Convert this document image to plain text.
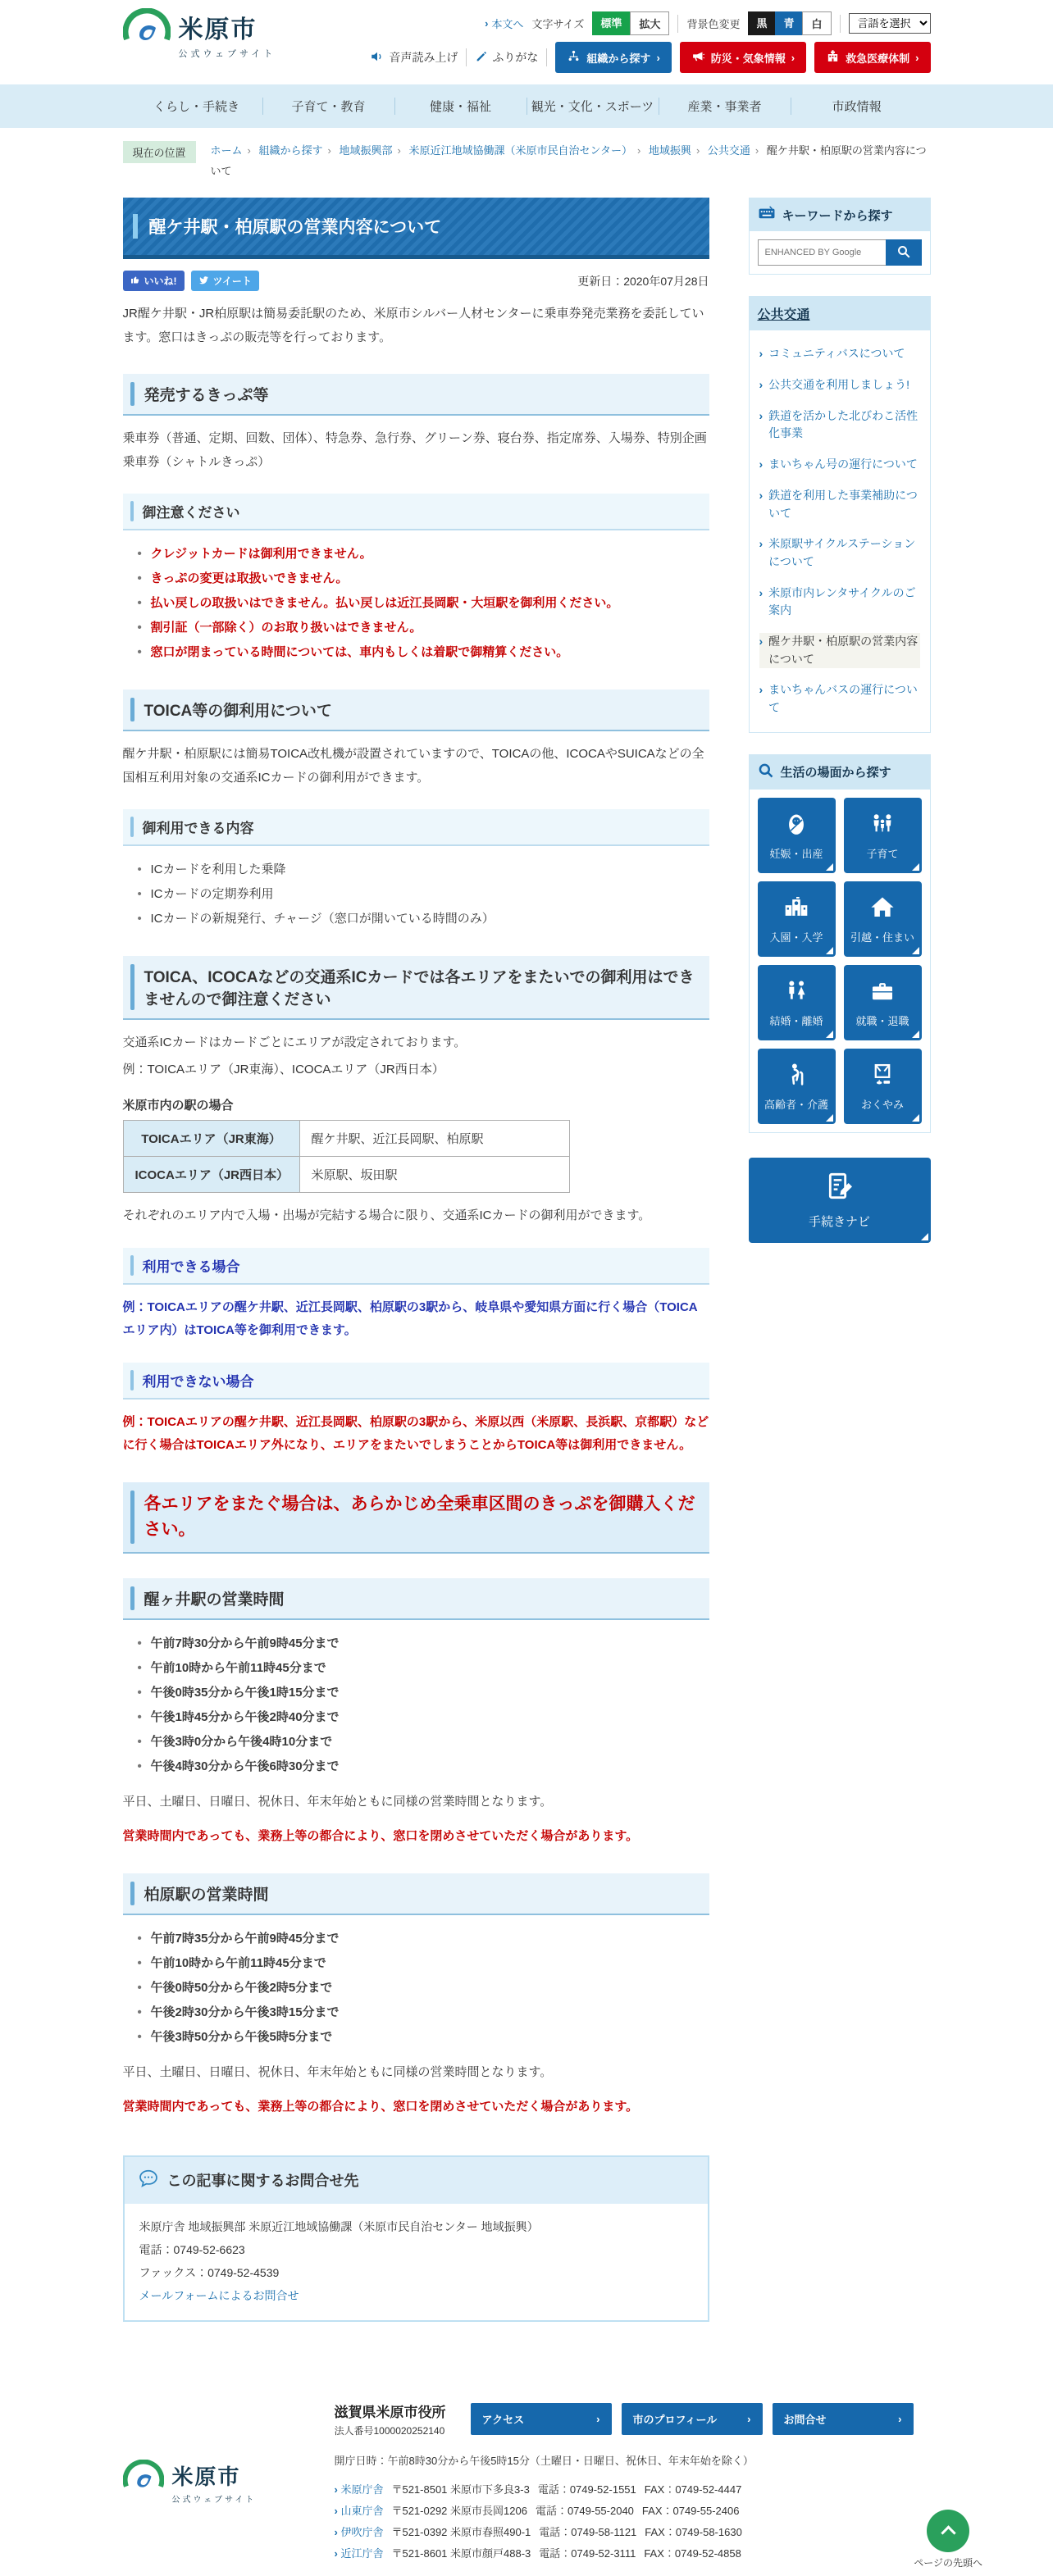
米原市
公式ウェブサイト
› 本文へ 文字サイズ	標準	拡大	背景色変更	黒	青	白
言語を選択
音声読み上げ	ふりがな	組織から探す ›	防災・気象情報 ›	救急医療体制
›
くらし・手続き	子育て・教育	健康・福祉	観光・文化・スポーツ	産業・事業者	市政情報
現在の位置	ホーム › 組織から探す › 地域振興部 › 米原近江地域協働課（米原市民自治センター） › 地域振興 › 公共交通 › 醒ケ井駅・柏原駅の営業内容について
醒ケ井駅・柏原駅の営業内容について
いいね!	ツイート	更新日：2020年07月28日

JR醒ケ井駅・JR柏原駅は簡易委託駅のため、米原市シルバー人材センターに乗車券発売業務を委託しています。窓口はきっぷの販売等を行っております。

発売するきっぷ等

乗車券（普通、定期、回数、団体）、特急券、急行券、グリーン券、寝台券、指定席券、入場券、特別企画乗車券（シャトルきっぷ）

御注意ください
• クレジットカードは御利用できません。
• きっぷの変更は取扱いできません。
• 払い戻しの取扱いはできません。払い戻しは近江長岡駅・大垣駅を御利用ください。
• 割引証（一部除く）のお取り扱いはできません。
• 窓口が閉まっている時間については、車内もしくは着駅で御精算ください。
TOICA等の御利用について

醒ケ井駅・柏原駅には簡易TOICA改札機が設置されていますので、TOICAの他、ICOCAやSUICAなどの全国相互利用対象の交通系ICカードの御利用ができます。

御利用できる内容
• ICカードを利用した乗降
• ICカードの定期券利用
• ICカードの新規発行、チャージ（窓口が開いている時間のみ）
TOICA、ICOCAなどの交通系ICカードでは各エリアをまたいでの御利用はできませんので御注意ください

交通系ICカードはカードごとにエリアが設定されております。

例：TOICAエリア（JR東海）、ICOCAエリア（JR西日本）

米原市内の駅の場合

TOICAエリア（JR東海）	醒ケ井駅、近江長岡駅、柏原駅
ICOCAエリア（JR西日本）	米原駅、坂田駅

それぞれのエリア内で入場・出場が完結する場合に限り、交通系ICカードの御利用ができます。

利用できる場合

例：TOICAエリアの醒ケ井駅、近江長岡駅、柏原駅の3駅から、岐阜県や愛知県方面に行く場合（TOICAエリア内）はTOICA等を御利用できます。

利用できない場合

例：TOICAエリアの醒ケ井駅、近江長岡駅、柏原駅の3駅から、米原以西（米原駅、長浜駅、京都駅）などに行く場合はTOICAエリア外になり、エリアをまたいでしまうことからTOICA等は御利用できません。

各エリアをまたぐ場合は、あらかじめ全乗車区間のきっぷを御購入ください。
醒ヶ井駅の営業時間
• 午前7時30分から午前9時45分まで
• 午前10時から午前11時45分まで
• 午後0時35分から午後1時15分まで
• 午後1時45分から午後2時40分まで
• 午後3時0分から午後4時10分まで
• 午後4時30分から午後6時30分まで

平日、土曜日、日曜日、祝休日、年末年始ともに同様の営業時間となります。

営業時間内であっても、業務上等の都合により、窓口を閉めさせていただく場合があります。

柏原駅の営業時間
• 午前7時35分から午前9時45分まで
• 午前10時から午前11時45分まで
• 午後0時50分から午後2時5分まで
• 午後2時30分から午後3時15分まで
• 午後3時50分から午後5時5分まで

平日、土曜日、日曜日、祝休日、年末年始ともに同様の営業時間となります。

営業時間内であっても、業務上等の都合により、窓口を閉めさせていただく場合があります。

この記事に関するお問合せ先
米原庁舎 地域振興部 米原近江地域協働課（米原市民自治センター 地域振興）
電話：0749-52-6623
ファックス：0749-52-4539
メールフォームによるお問合せ
キーワードから探す
ENHANCED BY Google
公共交通
› コミュニティバスについて
› 公共交通を利用しましょう!
› 鉄道を活かした北びわこ活性化事業
› まいちゃん号の運行について
› 鉄道を利用した事業補助について
› 米原駅サイクルステーションについて
› 米原市内レンタサイクルのご案内
› 醒ケ井駅・柏原駅の営業内容について
› まいちゃんバスの運行について
生活の場面から探す
妊娠・出産	子育て
入園・入学	引越・住まい
結婚・離婚	就職・退職
高齢者・介護	おくやみ
手続きナビ
米原市
公式ウェブサイト
滋賀県米原市役所
法人番号1000020252140
アクセス
›	市のプロフィール
›	お問合せ
›

開庁日時：午前8時30分から午後5時15分（土曜日・日曜日、祝休日、年末年始を除く）

› 米原庁舎 〒521-8501 米原市下多良3-3 電話：0749-52-1551 FAX：0749-52-4447
› 山東庁舎 〒521-0292 米原市長岡1206 電話：0749-55-2040 FAX：0749-55-2406
› 伊吹庁舎 〒521-0392 米原市春照490-1 電話：0749-58-1121 FAX：0749-58-1630
› 近江庁舎 〒521-8601 米原市顔戸488-3 電話：0749-52-3111 FAX：0749-52-4858
ページの先頭へ
